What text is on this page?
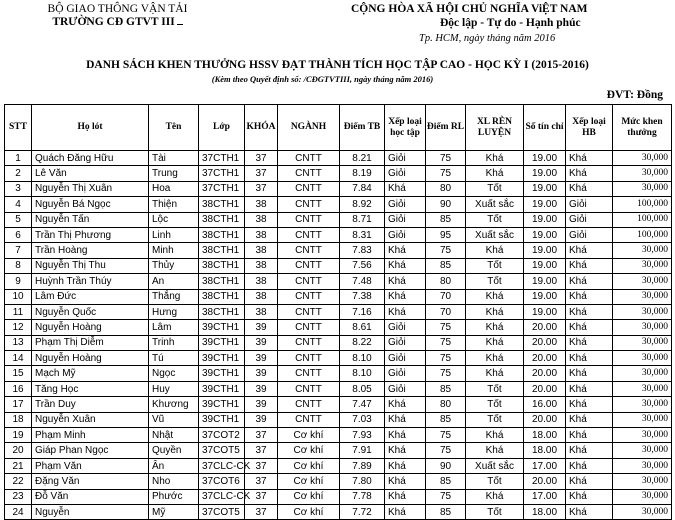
BỘ GIAO THÔNG VẬN TẢI
TRƯỜNG CĐ GTVT III
CỘNG HÒA XÃ HỘI CHỦ NGHĨA ViỆT NAM
Độc lập - Tự do - Hạnh phúc
Tp. HCM, ngày tháng năm 2016
DANH SÁCH KHEN THƯỞNG HSSV ĐẠT THÀNH TÍCH HỌC TẬP CAO - HỌC KỲ I (2015-2016)
(Kèm theo Quyết định số: /CĐGTVTIII, ngày tháng năm 2016)
ĐVT: Đồng
STT	Họ lót	Tên	Lớp	KHÓA	NGÀNH	Điểm TB	Xếp loại học tập	Điểm RL	XL RÈN LUYỆN	Số tín chỉ	Xếp loại HB	Mức khen thưởng
1	Quách Đăng Hữu	Tài	37CTH1	37	CNTT	8.21	Giỏi	75	Khá	19.00	Khá	30,000
2	Lê Văn	Trung	37CTH1	37	CNTT	8.19	Giỏi	75	Khá	19.00	Khá	30,000
3	Nguyễn Thị Xuân	Hoa	37CTH1	37	CNTT	7.84	Khá	80	Tốt	19.00	Khá	30,000
4	Nguyễn Bá Ngọc	Thiện	38CTH1	38	CNTT	8.92	Giỏi	90	Xuất sắc	19.00	Giỏi	100,000
5	Nguyễn Tấn	Lộc	38CTH1	38	CNTT	8.71	Giỏi	85	Tốt	19.00	Giỏi	100,000
6	Trần Thị Phương	Linh	38CTH1	38	CNTT	8.31	Giỏi	95	Xuất sắc	19.00	Giỏi	100,000
7	Trần Hoàng	Minh	38CTH1	38	CNTT	7.83	Khá	75	Khá	19.00	Khá	30,000
8	Nguyễn Thị Thu	Thủy	38CTH1	38	CNTT	7.56	Khá	85	Tốt	19.00	Khá	30,000
9	Huỳnh Trần Thúy	An	38CTH1	38	CNTT	7.48	Khá	80	Tốt	19.00	Khá	30,000
10	Lâm Đức	Thắng	38CTH1	38	CNTT	7.38	Khá	70	Khá	19.00	Khá	30,000
11	Nguyễn Quốc	Hưng	38CTH1	38	CNTT	7.16	Khá	70	Khá	19.00	Khá	30,000
12	Nguyễn Hoàng	Lâm	39CTH1	39	CNTT	8.61	Giỏi	75	Khá	20.00	Khá	30,000
13	Phạm Thị Diễm	Trinh	39CTH1	39	CNTT	8.22	Giỏi	75	Khá	20.00	Khá	30,000
14	Nguyễn Hoàng	Tú	39CTH1	39	CNTT	8.10	Giỏi	75	Khá	20.00	Khá	30,000
15	Mạch Mỹ	Ngọc	39CTH1	39	CNTT	8.10	Giỏi	75	Khá	20.00	Khá	30,000
16	Tăng Học	Huy	39CTH1	39	CNTT	8.05	Giỏi	85	Tốt	20.00	Khá	30,000
17	Trần Duy	Khương	39CTH1	39	CNTT	7.47	Khá	80	Tốt	16.00	Khá	30,000
18	Nguyễn Xuân	Vũ	39CTH1	39	CNTT	7.03	Khá	85	Tốt	20.00	Khá	30,000
19	Phạm Minh	Nhật	37COT2	37	Cơ khí	7.93	Khá	75	Khá	18.00	Khá	30,000
20	Giáp Phan Ngọc	Quyền	37COT5	37	Cơ khí	7.91	Khá	75	Khá	18.00	Khá	30,000
21	Phạm Văn	Ân	37CLC-CK	37	Cơ khí	7.89	Khá	90	Xuất sắc	17.00	Khá	30,000
22	Đặng Văn	Nho	37COT6	37	Cơ khí	7.80	Khá	85	Tốt	20.00	Khá	30,000
23	Đỗ Văn	Phước	37CLC-CK	37	Cơ khí	7.78	Khá	75	Khá	17.00	Khá	30,000
24	Nguyễn	Mỹ	37COT5	37	Cơ khí	7.72	Khá	85	Tốt	18.00	Khá	30,000
